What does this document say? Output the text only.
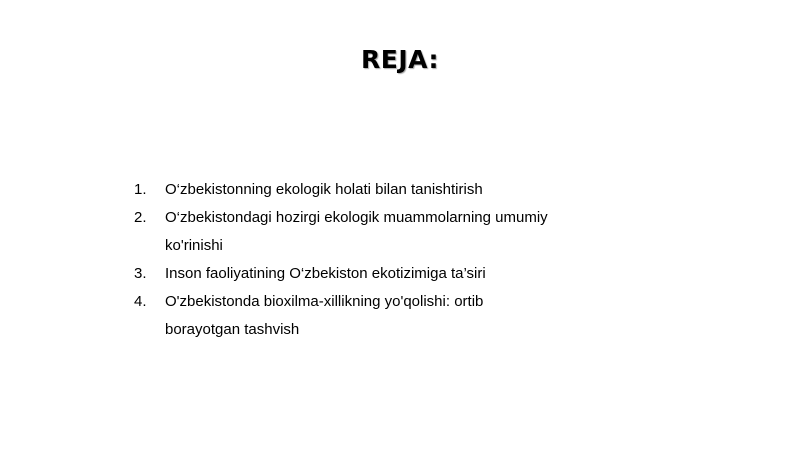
REJA:
1. O‘zbekistonning ekologik holati bilan tanishtirish
2. O‘zbekistondagi hozirgi ekologik muammolarning umumiy ko'rinishi
3. Inson faoliyatining O‘zbekiston ekotizimiga ta’siri
4. O'zbekistonda bioxilma-xillikning yo'qolishi: ortib borayotgan tashvish
